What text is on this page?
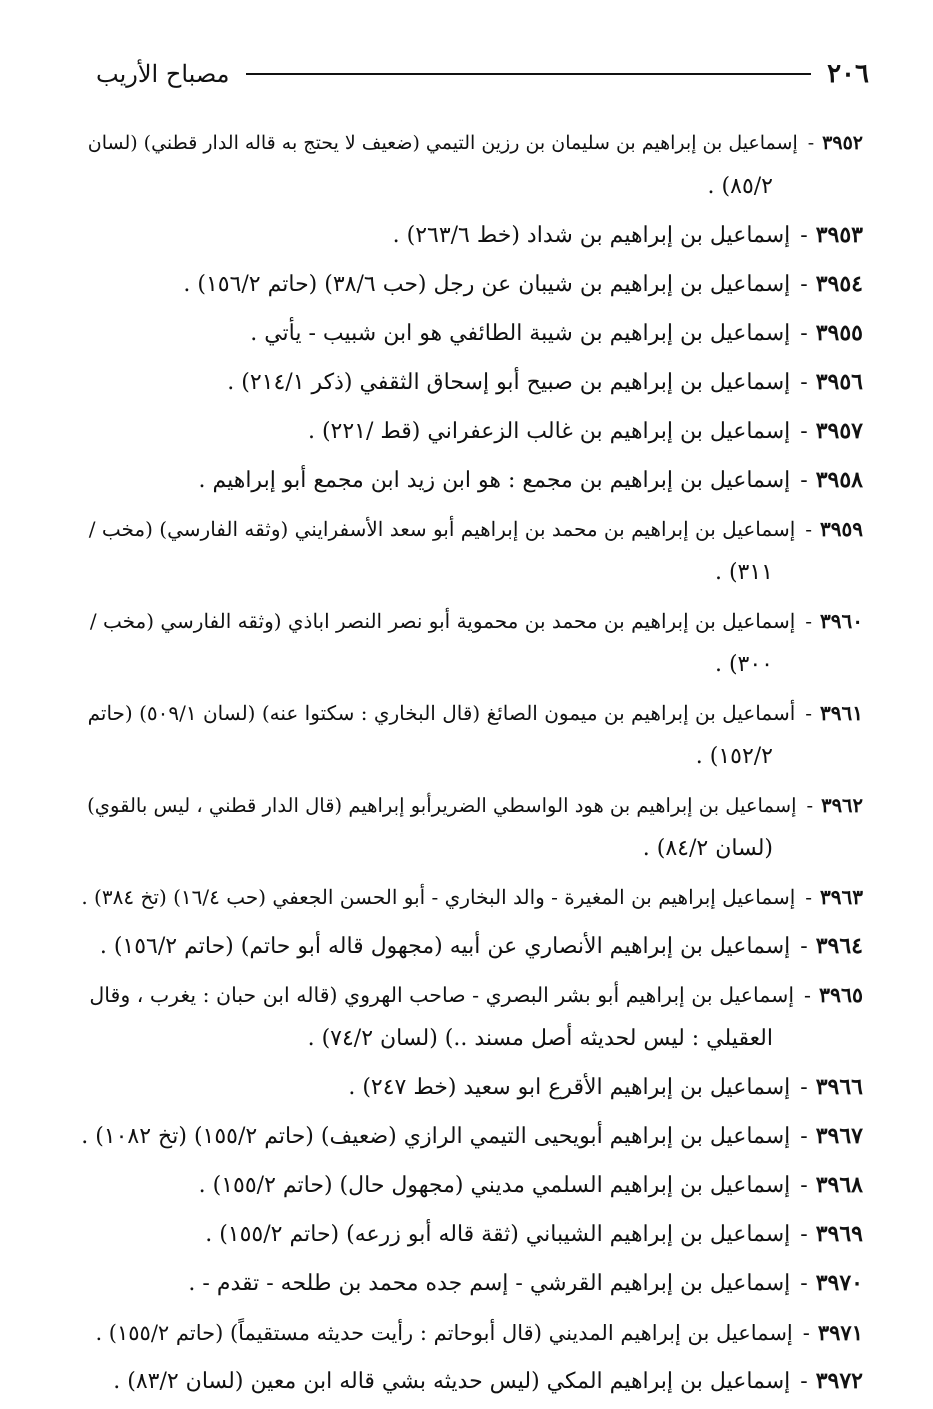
٢٠٦
مصباح الأريب
٣٩٥٢-إسماعيل بن إبراهيم بن سليمان بن رزين التيمي (ضعيف لا يحتج به قاله الدار قطني) (لسان
٨٥/٢) .
٣٩٥٣-إسماعيل بن إبراهيم بن شداد (خط ٢٦٣/٦) .
٣٩٥٤-إسماعيل بن إبراهيم بن شيبان عن رجل (حب ٣٨/٦) (حاتم ١٥٦/٢) .
٣٩٥٥-إسماعيل بن إبراهيم بن شيبة الطائفي هو ابن شبيب - يأتي .
٣٩٥٦-إسماعيل بن إبراهيم بن صبيح أبو إسحاق الثقفي (ذكر ٢١٤/١) .
٣٩٥٧-إسماعيل بن إبراهيم بن غالب الزعفراني (قط /٢٢١) .
٣٩٥٨-إسماعيل بن إبراهيم بن مجمع : هو ابن زيد ابن مجمع أبو إبراهيم .
٣٩٥٩-إسماعيل بن إبراهيم بن محمد بن إبراهيم أبو سعد الأسفرايني (وثقه الفارسي) (مخب /
٣١١) .
٣٩٦٠-إسماعيل بن إبراهيم بن محمد بن محموية أبو نصر النصر اباذي (وثقه الفارسي (مخب /
٣٠٠) .
٣٩٦١-أسماعيل بن إبراهيم بن ميمون الصائغ (قال البخاري : سكتوا عنه) (لسان ٥٠٩/١) (حاتم
١٥٢/٢) .
٣٩٦٢-إسماعيل بن إبراهيم بن هود الواسطي الضريرأبو إبراهيم (قال الدار قطني ، ليس بالقوي)
(لسان ٨٤/٢) .
٣٩٦٣-إسماعيل إبراهيم بن المغيرة - والد البخاري - أبو الحسن الجعفي (حب ١٦/٤) (تخ ٣٨٤) .
٣٩٦٤-إسماعيل بن إبراهيم الأنصاري عن أبيه (مجهول قاله أبو حاتم) (حاتم ١٥٦/٢) .
٣٩٦٥-إسماعيل بن إبراهيم أبو بشر البصري - صاحب الهروي (قاله ابن حبان : يغرب ، وقال
العقيلي : ليس لحديثه أصل مسند ..) (لسان ٧٤/٢) .
٣٩٦٦-إسماعيل بن إبراهيم الأقرع ابو سعيد (خط ٢٤٧) .
٣٩٦٧-إسماعيل بن إبراهيم أبويحيى التيمي الرازي (ضعيف) (حاتم ١٥٥/٢) (تخ ١٠٨٢) .
٣٩٦٨-إسماعيل بن إبراهيم السلمي مديني (مجهول حال) (حاتم ١٥٥/٢) .
٣٩٦٩-إسماعيل بن إبراهيم الشيباني (ثقة قاله أبو زرعه) (حاتم ١٥٥/٢) .
٣٩٧٠-إسماعيل بن إبراهيم القرشي - إسم جده محمد بن طلحه - تقدم - .
٣٩٧١-إسماعيل بن إبراهيم المديني (قال أبوحاتم : رأيت حديثه مستقيماً) (حاتم ١٥٥/٢) .
٣٩٧٢-إسماعيل بن إبراهيم المكي (ليس حديثه بشي قاله ابن معين (لسان ٨٣/٢) .
